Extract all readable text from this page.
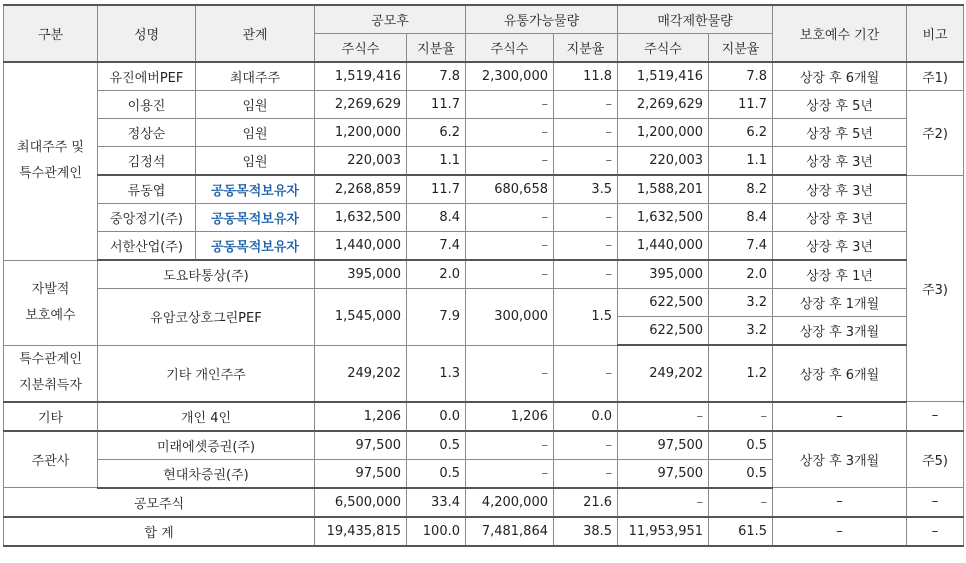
구분	성명	관계	공모후		유통가능물량		매각제한물량		보호예수 기간	비고	
			주식수	지분율	주식수	지분율	주식수	지분율			

최대주주 및
특수관계인	유진에버PEF	최대주주	1,519,416	7.8	2,300,000	11.8	1,519,416	7.8	상장 후 6개월	주1)	
	이용진	임원	2,269,629	11.7	–	–	2,269,629	11.7	상장 후 5년	주2)	
	정상순	임원	1,200,000	6.2	–	–	1,200,000	6.2	상장 후 5년		
	김정석	임원	220,003	1.1	–	–	220,003	1.1	상장 후 3년		
	류동엽	공동목적보유자	2,268,859	11.7	680,658	3.5	1,588,201	8.2	상장 후 3년	주3)	
	중앙정기(주)	공동목적보유자	1,632,500	8.4	–	–	1,632,500	8.4	상장 후 3년		
	서한산업(주)	공동목적보유자	1,440,000	7.4	–	–	1,440,000	7.4	상장 후 3년		

자발적
보호예수	도요타통상(주)		395,000	2.0	–	–	395,000	2.0	상장 후 1년		
	유암코상호그린PEF		1,545,000	7.9	300,000	1.5	622,500	3.2	상장 후 1개월		
							622,500	3.2	상장 후 3개월		

특수관계인
지분취득자	기타 개인주주		249,202	1.3	–	–	249,202	1.2	상장 후 6개월	
기타	개인 4인		1,206	0.0	1,206	0.0	–	–	–	–	
주관사	미래에셋증권(주)		97,500	0.5	–	–	97,500	0.5	상장 후 3개월	주5)	
	현대차증권(주)		97,500	0.5	–	–	97,500	0.5			
공모주식			6,500,000	33.4	4,200,000	21.6	–	–	–	–	
합 계			19,435,815	100.0	7,481,864	38.5	11,953,951	61.5	–	–	
